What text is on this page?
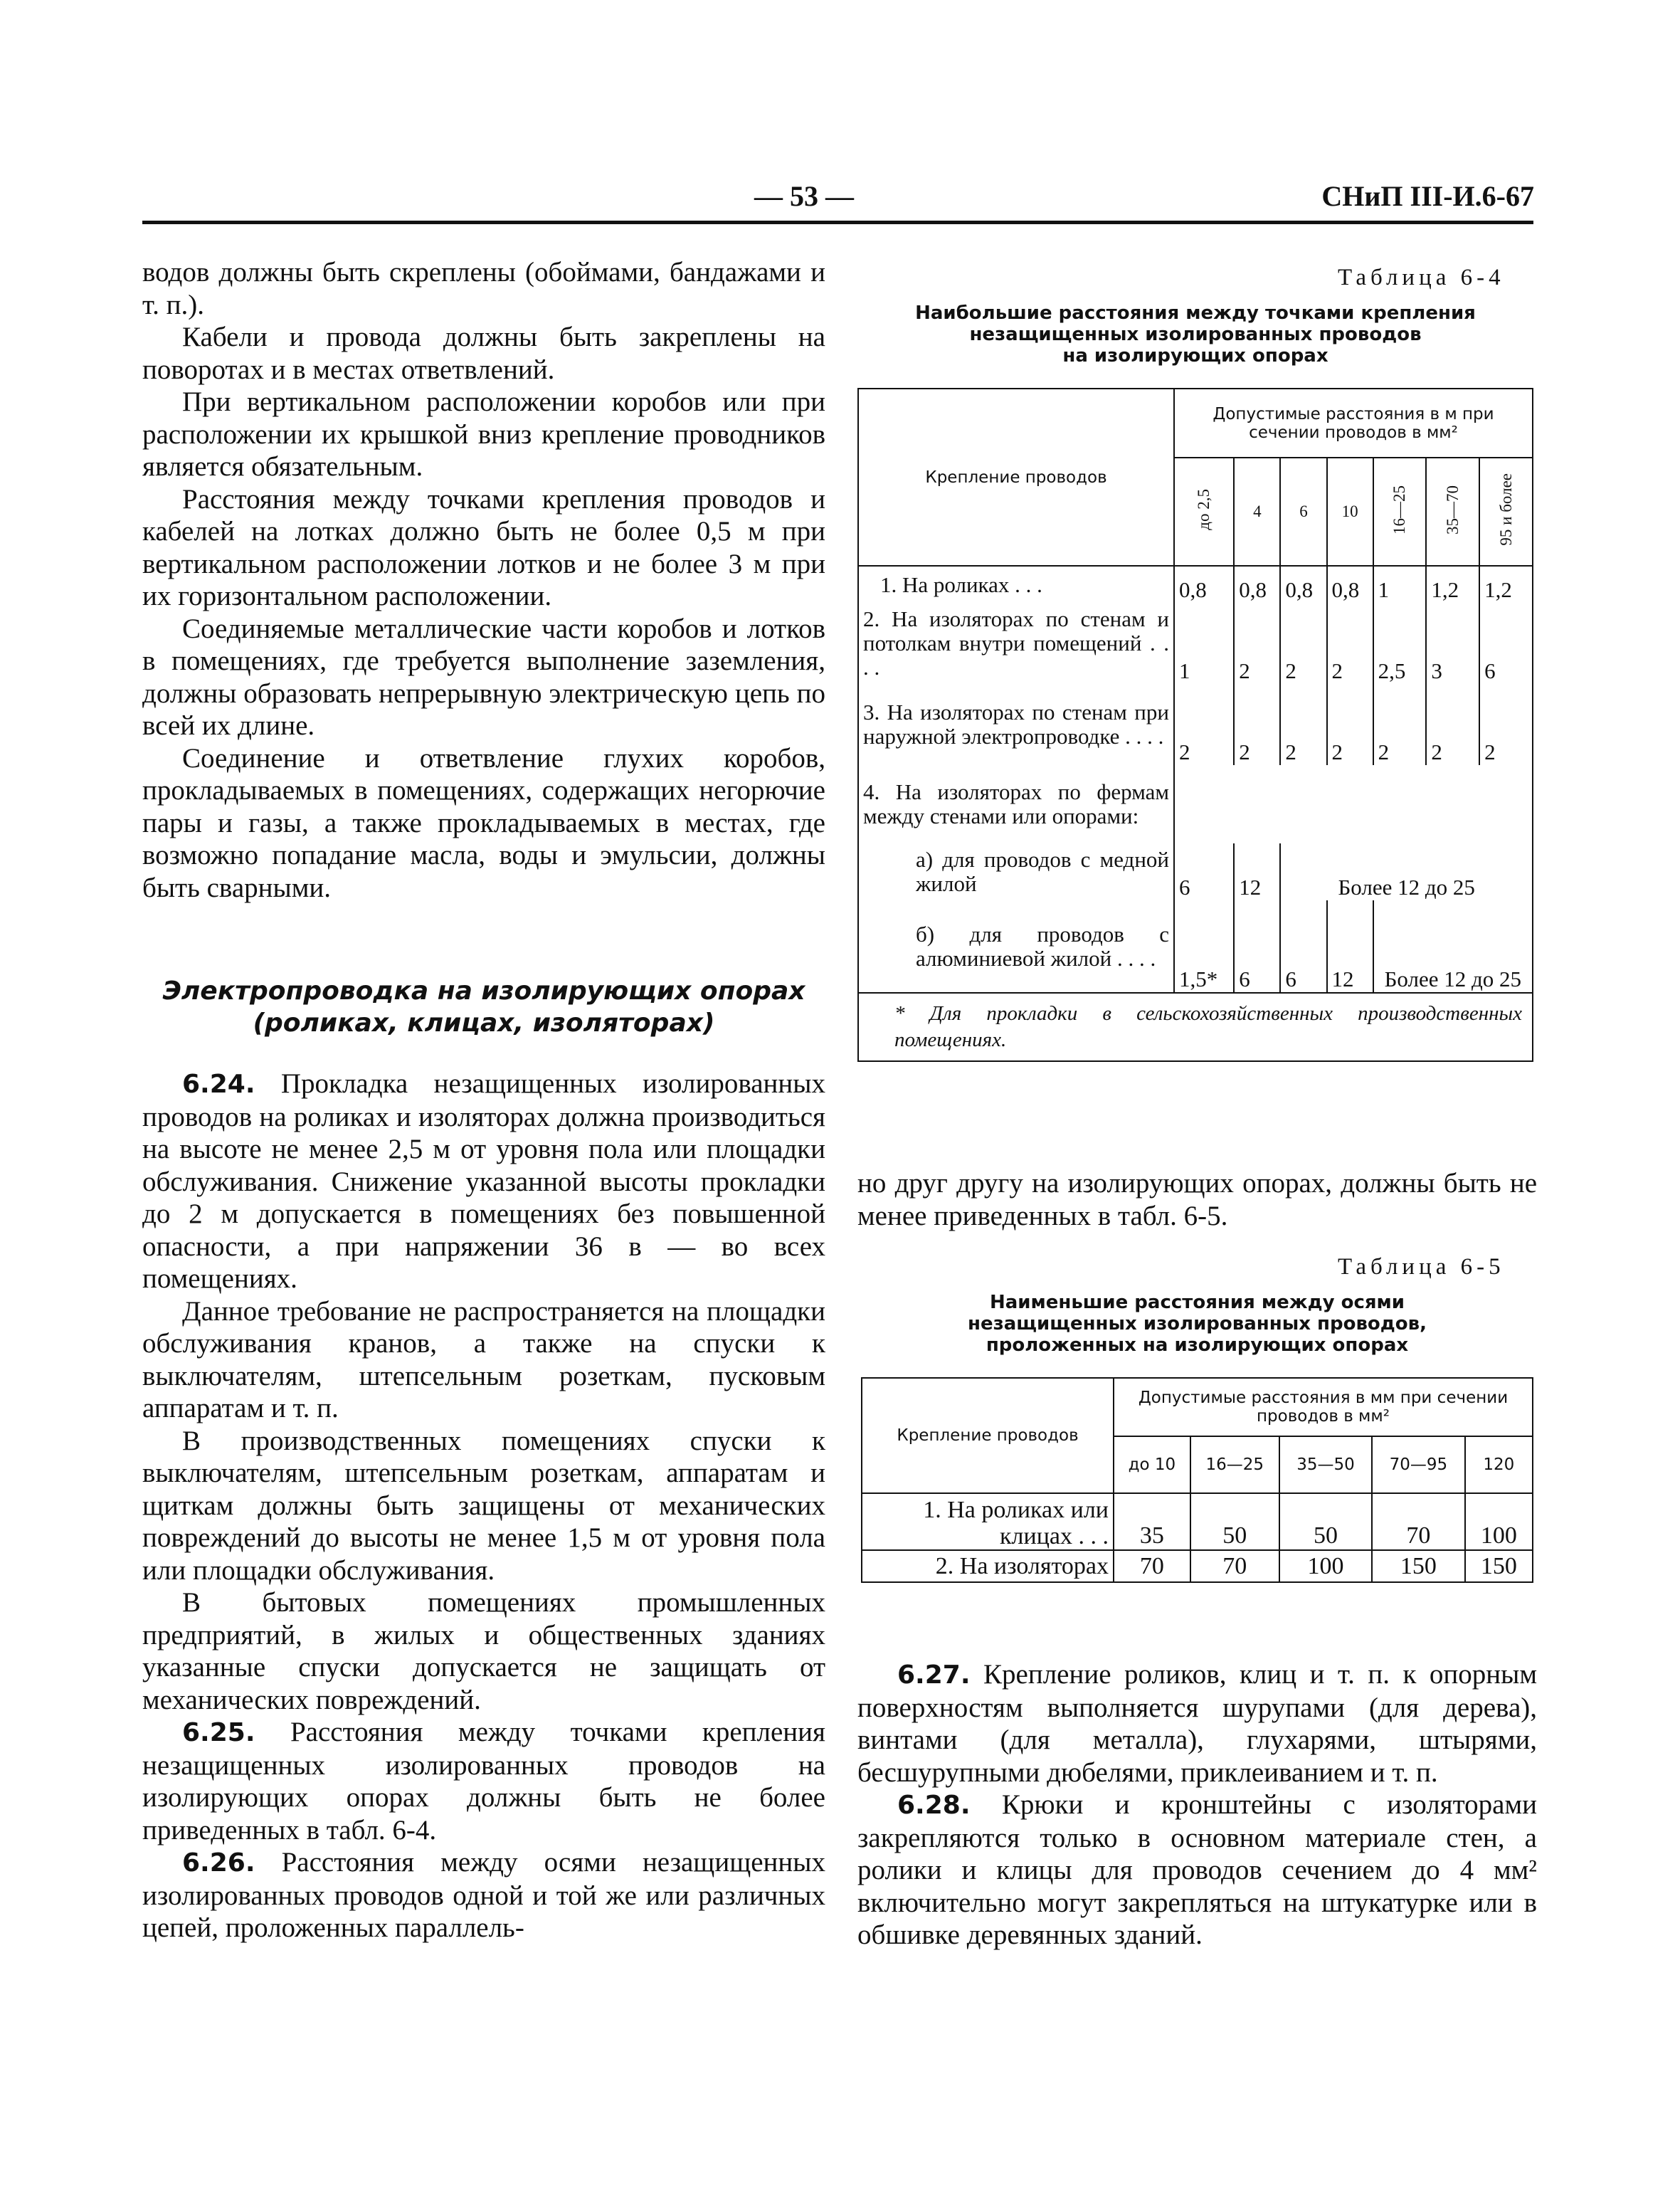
— 53 —	СНиП III-И.6-67

водов должны быть скреплены (обоймами, бандажами и т. п.).

Кабели и провода должны быть закреплены на поворотах и в местах ответвлений.

При вертикальном расположении коробов или при расположении их крышкой вниз крепление проводников является обязательным.

Расстояния между точками крепления проводов и кабелей на лотках должно быть не более 0,5 м при вертикальном расположении лотков и не более 3 м при их горизонтальном расположении.

Соединяемые металлические части коробов и лотков в помещениях, где требуется выполнение заземления, должны образовать непрерывную электрическую цепь по всей их длине.

Соединение и ответвление глухих коробов, прокладываемых в помещениях, содержащих негорючие пары и газы, а также прокладываемых в местах, где возможно попадание масла, воды и эмульсии, должны быть сварными.

Электропроводка на изолирующих опорах

(роликах, клицах, изоляторах)

6.24. Прокладка незащищенных изолированных проводов на роликах и изоляторах должна производиться на высоте не менее 2,5 м от уровня пола или площадки обслуживания. Снижение указанной высоты прокладки до 2 м допускается в помещениях без повышенной опасности, а при напряжении 36 в — во всех помещениях.

Данное требование не распространяется на площадки обслуживания кранов, а также на спуски к выключателям, штепсельным розеткам, пусковым аппаратам и т. п.

В производственных помещениях спуски к выключателям, штепсельным розеткам, аппаратам и щиткам должны быть защищены от механических повреждений до высоты не менее 1,5 м от уровня пола или площадки обслуживания.

В бытовых помещениях промышленных предприятий, в жилых и общественных зданиях указанные спуски допускается не защищать от механических повреждений.

6.25. Расстояния между точками крепления незащищенных изолированных проводов на изолирующих опорах должны быть не более приведенных в табл. 6-4.

6.26. Расстояния между осями незащищенных изолированных проводов одной и той же или различных цепей, проложенных параллель-

Таблица 6-4
Наибольшие расстояния между точками крепления
незащищенных изолированных проводов
на изолирующих опорах
Крепление проводов	Допустимые расстояния в м при сечении проводов в мм²						
	до 2,5	4	6	10	16—25	35—70	95 и более
1. На роликах . . .	0,8	0,8	0,8	0,8	1	1,2	1,2
2. На изоляторах по стенам и потолкам внутри помещений . . . .	1	2	2	2	2,5	3	6
3. На изоляторах по стенам при наружной электропроводке . . . .	2	2	2	2	2	2	2
4. На изоляторах по фермам между стенами или опорами:							
а) для проводов с медной жилой	6	12	Более 12 до 25				
б) для проводов с алюминиевой жилой . . . .	1,5*	6	6	12	Более 12 до 25		
* Для прокладки в сельскохозяйственных производственных помещениях.							

но друг другу на изолирующих опорах, должны быть не менее приведенных в табл. 6-5.

Таблица 6-5
Наименьшие расстояния между осями
незащищенных изолированных проводов,
проложенных на изолирующих опорах
Крепление проводов	Допустимые расстояния в мм при сечении проводов в мм²				
	до 10	16—25	35—50	70—95	120
1. На роликах или клицах . . .	35	50	50	70	100
2. На изоляторах	70	70	100	150	150

6.27. Крепление роликов, клиц и т. п. к опорным поверхностям выполняется шурупами (для дерева), винтами (для металла), глухарями, штырями, бесшурупными дюбелями, приклеиванием и т. п.

6.28. Крюки и кронштейны с изоляторами закрепляются только в основном материале стен, а ролики и клицы для проводов сечением до 4 мм² включительно могут закрепляться на штукатурке или в обшивке деревянных зданий.
